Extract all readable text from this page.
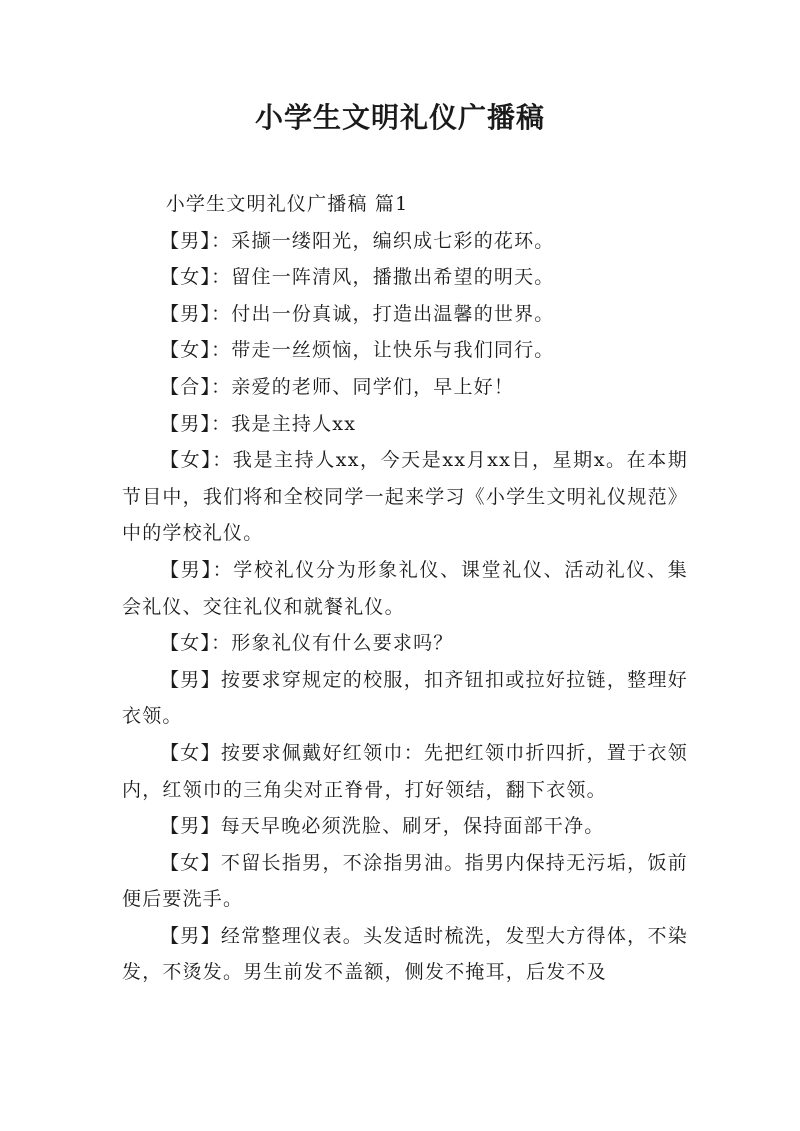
小学生文明礼仪广播稿

小学生文明礼仪广播稿 篇1

【男】：采撷一缕阳光，编织成七彩的花环。

【女】：留住一阵清风，播撒出希望的明天。

【男】：付出一份真诚，打造出温馨的世界。

【女】：带走一丝烦恼，让快乐与我们同行。

【合】：亲爱的老师、同学们，早上好！

【男】：我是主持人xx

【女】：我是主持人xx，今天是xx月xx日，星期x。在本期节目中，我们将和全校同学一起来学习《小学生文明礼仪规范》中的学校礼仪。

【男】：学校礼仪分为形象礼仪、课堂礼仪、活动礼仪、集会礼仪、交往礼仪和就餐礼仪。

【女】：形象礼仪有什么要求吗？

【男】按要求穿规定的校服，扣齐钮扣或拉好拉链，整理好衣领。

【女】按要求佩戴好红领巾：先把红领巾折四折，置于衣领内，红领巾的三角尖对正脊骨，打好领结，翻下衣领。

【男】每天早晚必须洗脸、刷牙，保持面部干净。

【女】不留长指男，不涂指男油。指男内保持无污垢，饭前便后要洗手。

【男】经常整理仪表。头发适时梳洗，发型大方得体，不染发，不烫发。男生前发不盖额，侧发不掩耳，后发不及
